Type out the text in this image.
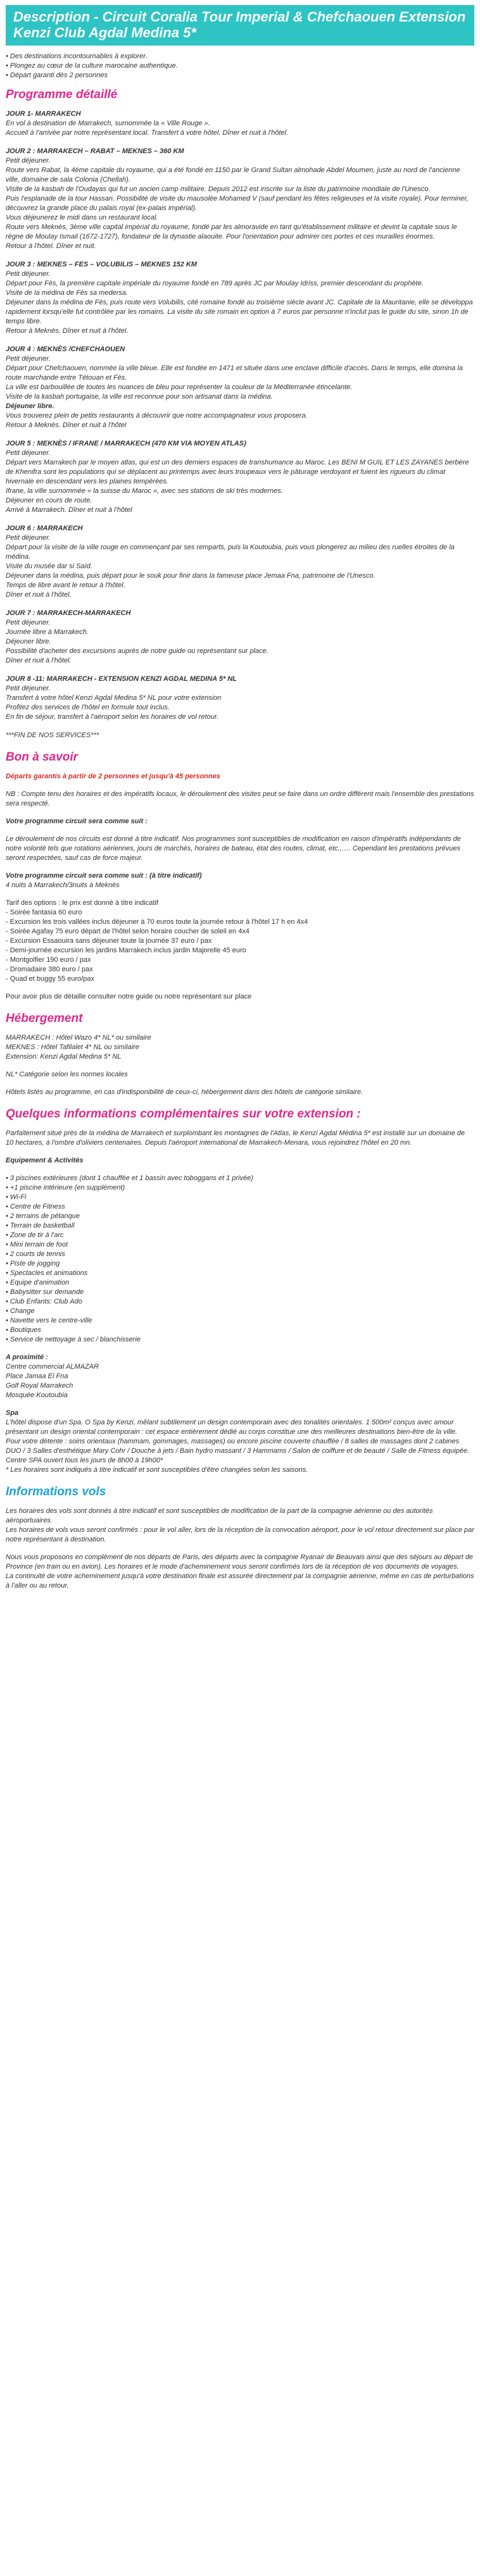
Description - Circuit Coralia Tour Imperial & Chefchaouen Extension Kenzi Club Agdal Medina 5*
• Des destinations incontournables à explorer.
• Plongez au cœur de la culture marocaine authentique.
• Départ garanti dès 2 personnes
Programme détaillé
JOUR 1- MARRAKECH

En vol à destination de Marrakech, surnommée la « Ville Rouge ».

Accueil à l'arrivée par notre représentant local. Transfert à votre hôtel. Dîner et nuit à l'hôtel.

JOUR 2 : MARRAKECH – RABAT – MEKNES – 360 KM

Petit déjeuner.

Route vers Rabat, la 4ème capitale du royaume, qui a été fondé en 1150 par le Grand Sultan almohade Abdel Moumen, juste au nord de l'ancienne ville, domaine de sala Colonia (Chellah).

Visite de la kasbah de l'Oudayas qui fut un ancien camp militaire. Depuis 2012 est inscrite sur la liste du patrimoine mondiale de l'Unesco.

Puis l'esplanade de la tour Hassan. Possibilité de visite du mausolée Mohamed V (sauf pendant les fêtes religieuses et la visite royale). Pour terminer, découvrez la grande place du palais royal (ex-palais impérial).

Vous déjeunerez le midi dans un restaurant local.

Route vers Meknès, 3ème ville capital impérial du royaume, fondé par les almoravide en tant qu'établissement militaire et devint la capitale sous le règne de Moulay Ismail (1672-1727), fondateur de la dynastie alaouite. Pour l'orientation pour admirer ces portes et ces murailles énormes.

Retour à l'hôtel. Dîner et nuit.

JOUR 3 : MEKNES – FES – VOLUBILIS – MEKNES 152 KM

Petit déjeuner.

Départ pour Fès, la première capitale impériale du royaume fondé en 789 après JC par Moulay Idriss, premier descendant du prophète.

Visite de la médina de Fès sa medersa.

Déjeuner dans la médina de Fès, puis route vers Volubilis, cité romaine fondé au troisième siècle avant JC. Capitale de la Mauritanie, elle se développa rapidement lorsqu'elle fut contrôlée par les romains. La visite du site romain en option à 7 euros par personne n'inclut pas le guide du site, sinon 1h de temps libre.

Retour à Meknès. Dîner et nuit à l'hôtel.

JOUR 4 : MEKNÈS /CHEFCHAOUEN

Petit déjeuner.

Départ pour Chefchaouen, nommée la ville bleue. Elle est fondée en 1471 et située dans une enclave difficile d'accès. Dans le temps, elle domina la route marchande entre Tétouan et Fès.

La ville est barbouillée de toutes les nuances de bleu pour représenter la couleur de la Méditerranée étincelante.

Visite de la kasbah portugaise, la ville est reconnue pour son artisanat dans la médina.

Déjeuner libre.

Vous trouverez plein de petits restaurants à découvrir que notre accompagnateur vous proposera.

Retour à Meknès. Dîner et nuit à l'hôtel

JOUR 5 : MEKNÈS / IFRANE / MARRAKECH (470 KM VIA MOYEN ATLAS)

Petit déjeuner.

Départ vers Marrakech par le moyen atlas, qui est un des derniers espaces de transhumance au Maroc. Les BENI M GUIL ET LES ZAYANES berbère de Khenifra sont les populations qui se déplacent au printemps avec leurs troupeaux vers le pâturage verdoyant et fuient les rigueurs du climat hivernale en descendant vers les plaines tempérées.

Ifrane, la ville surnommée « la suisse du Maroc », avec ses stations de ski très modernes.

Déjeuner en cours de route.

Arrivé à Marrakech. Dîner et nuit à l'hôtel

JOUR 6 : MARRAKECH

Petit déjeuner.

Départ pour la visite de la ville rouge en commençant par ses remparts, puis la Koutoubia, puis vous plongerez au milieu des ruelles étroites de la médina.

Visite du musée dar si Saïd.

Déjeuner dans la médina, puis départ pour le souk pour finir dans la fameuse place Jemaa Fna, patrimoine de l'Unesco.

Temps de libre avant le retour à l'hôtel.

Dîner et nuit à l'hôtel.

JOUR 7 : MARRAKECH-MARRAKECH

Petit déjeuner.

Journée libre à Marrakech.

Déjeuner libre.

Possibilité d'acheter des excursions auprès de notre guide ou représentant sur place.

Dîner et nuit à l'hôtel.

JOUR 8 -11: MARRAKECH - EXTENSION KENZI AGDAL MEDINA 5* NL

Petit déjeuner.

Transfert à votre hôtel Kenzi Agdal Medina 5* NL pour votre extension

Profitez des services de l'hôtel en formule tout inclus.

En fin de séjour, transfert à l'aéroport selon les horaires de vol retour.

***FIN DE NOS SERVICES***

Bon à savoir

Départs garantis à partir de 2 personnes et jusqu'à 45 personnes

NB : Compte tenu des horaires et des impératifs locaux, le déroulement des visites peut se faire dans un ordre différent mais l'ensemble des prestations sera respecté.

Votre programme circuit sera comme suit :

Le déroulement de nos circuits est donné à titre indicatif. Nos programmes sont susceptibles de modification en raison d'impératifs indépendants de notre volonté tels que rotations aériennes, jours de marchés, horaires de bateau, état des routes, climat, etc.,…. Cependant les prestations prévues seront respectées, sauf cas de force majeur.

Votre programme circuit sera comme suit : (à titre indicatif)

4 nuits à Marrakech/3nuits à Meknès

Tarif des options : le prix est donné à titre indicatif

- Soirée fantasia 60 euro

- Excursion les trois vallées inclus déjeuner à 70 euros toute la journée retour à l'hôtel 17 h en 4x4

- Soirée Agafay 75 euro départ de l'hôtel selon horaire coucher de soleil en 4x4

- Excursion Essaouira sans déjeuner toute la journée 37 euro / pax

- Demi-journée excursion les jardins Marrakech inclus jardin Majorelle 45 euro

- Montgolfier 190 euro / pax

- Dromadaire 380 euro / pax

- Quad et buggy 55 euro/pax

Pour avoir plus de détaille consulter notre guide ou notre représentant sur place

Hébergement

MARRAKECH : Hôtel Wazo 4* NL* ou similaire

MEKNES : Hôtel Tafilalet 4* NL ou similaire

Extension: Kenzi Agdal Medina 5* NL

NL* Catégorie selon les normes locales

Hôtels listés au programme, en cas d'indisponibilité de ceux-ci, hébergement dans des hôtels de catégorie similaire.

Quelques informations complémentaires sur votre extension :

Parfaitement situé près de la médina de Marrakech et surplombant les montagnes de l'Atlas, le Kenzi Agdal Médina 5* est installé sur un domaine de 10 hectares, à l'ombre d'oliviers centenaires. Depuis l'aéroport international de Marrakech-Menara, vous rejoindrez l'hôtel en 20 mn.

Equipement & Activités

• 3 piscines extérieures (dont 1 chauffée et 1 bassin avec toboggans et 1 privée)
• +1 piscine intérieure (en supplément)
• Wi-Fi
• Centre de Fitness
• 2 terrains de pétanque
• Terrain de basketball
• Zone de tir à l'arc
• Mini terrain de foot
• 2 courts de tennis
• Piste de jogging
• Spectacles et animations
• Equipe d'animation
• Babysitter sur demande
• Club Enfants: Club Ado
• Change
• Navette vers le centre-ville
• Boutiques
• Service de nettoyage à sec / blanchisserie

A proximité :

Centre commercial ALMAZAR

Place Jamaa El Fna

Golf Royal Marrakech

Mosquée Koutoubia

Spa

L'hôtel dispose d'un Spa. O Spa by Kenzi, mêlant subtilement un design contemporain avec des tonalités orientales. 1 500m² conçus avec amour présentant un design oriental contemporain : cet espace entièrement dédié au corps constitue une des meilleures destinations bien-être de la ville.

Pour votre détente : soins orientaux (hammam, gommages, massages) ou encore piscine couverte chauffée / 8 salles de massages dont 2 cabines DUO / 3 Salles d'esthétique Mary Cohr / Douche à jets / Bain hydro massant / 3 Hammams / Salon de coiffure et de beauté / Salle de Fitness équipée.

Centre SPA ouvert tous les jours de 8h00 à 19h00*

* Les horaires sont indiqués à titre indicatif et sont susceptibles d'être changées selon les saisons.

Informations vols

Les horaires des vols sont donnés à titre indicatif et sont susceptibles de modification de la part de la compagnie aérienne ou des autorités aéroportuaires.

Les horaires de vols vous seront confirmés : pour le vol aller, lors de la réception de la convocation aéroport, pour le vol retour directement sur place par notre représentant à destination.

Nous vous proposons en complément de nos départs de Paris, des départs avec la compagnie Ryanair de Beauvais ainsi que des séjours au départ de Province (en train ou en avion). Les horaires et le mode d'acheminement vous seront confirmés lors de la réception de vos documents de voyages.

La continuité de votre acheminement jusqu'à votre destination finale est assurée directement par la compagnie aérienne, même en cas de perturbations à l'aller ou au retour.
